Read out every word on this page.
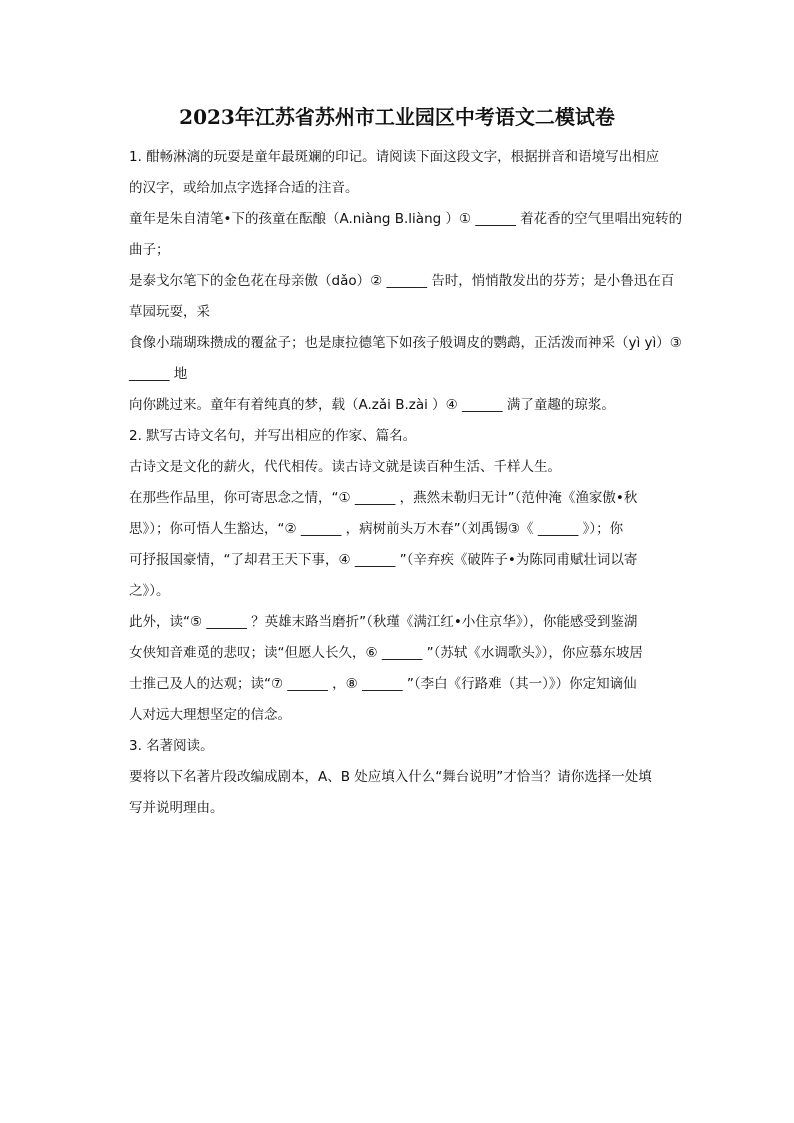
2023年江苏省苏州市工业园区中考语文二模试卷
1. 酣畅淋漓的玩耍是童年最斑斓的印记。请阅读下面这段文字，根据拼音和语境写出相应
的汉字，或给加点字选择合适的注音。
童年是朱自清笔•下的孩童在酝酿（A.niàng B.liàng ）① ______ 着花香的空气里唱出宛转的
曲子；
是泰戈尔笔下的金色花在母亲傲（dǎo）② ______ 告时，悄悄散发出的芬芳；是小鲁迅在百
草园玩耍，采
食像小瑞瑚珠攒成的覆盆子；也是康拉德笔下如孩子般调皮的鹦鹉，正活泼而神采（yì yì）③
______ 地
向你跳过来。童年有着纯真的梦，载（A.zǎi B.zài ）④ ______ 满了童趣的琼浆。
2. 默写古诗文名句，并写出相应的作家、篇名。
古诗文是文化的薪火，代代相传。读古诗文就是读百种生活、千样人生。
在那些作品里，你可寄思念之情，“① ______ ，燕然未勒归无计”（范仲淹《渔家傲•秋
思》）；你可悟人生豁达，“② ______ ，病树前头万木春”（刘禹锡③《 ______ 》）；你
可抒报国豪情，“了却君王天下事，④ ______ ”（辛弃疾《破阵子•为陈同甫赋壮词以寄
之》）。
此外，读“⑤ ______ ？英雄末路当磨折”（秋瑾《满江红•小住京华》），你能感受到鉴湖
女侠知音难觅的悲叹；读“但愿人长久，⑥ ______ ”（苏轼《水调歌头》），你应慕东坡居
士推己及人的达观；读“⑦ ______ ，⑧ ______ ”（李白《行路难（其一）》）你定知谪仙
人对远大理想坚定的信念。
3. 名著阅读。
要将以下名著片段改编成剧本，A、B 处应填入什么“舞台说明”才恰当？请你选择一处填
写并说明理由。
